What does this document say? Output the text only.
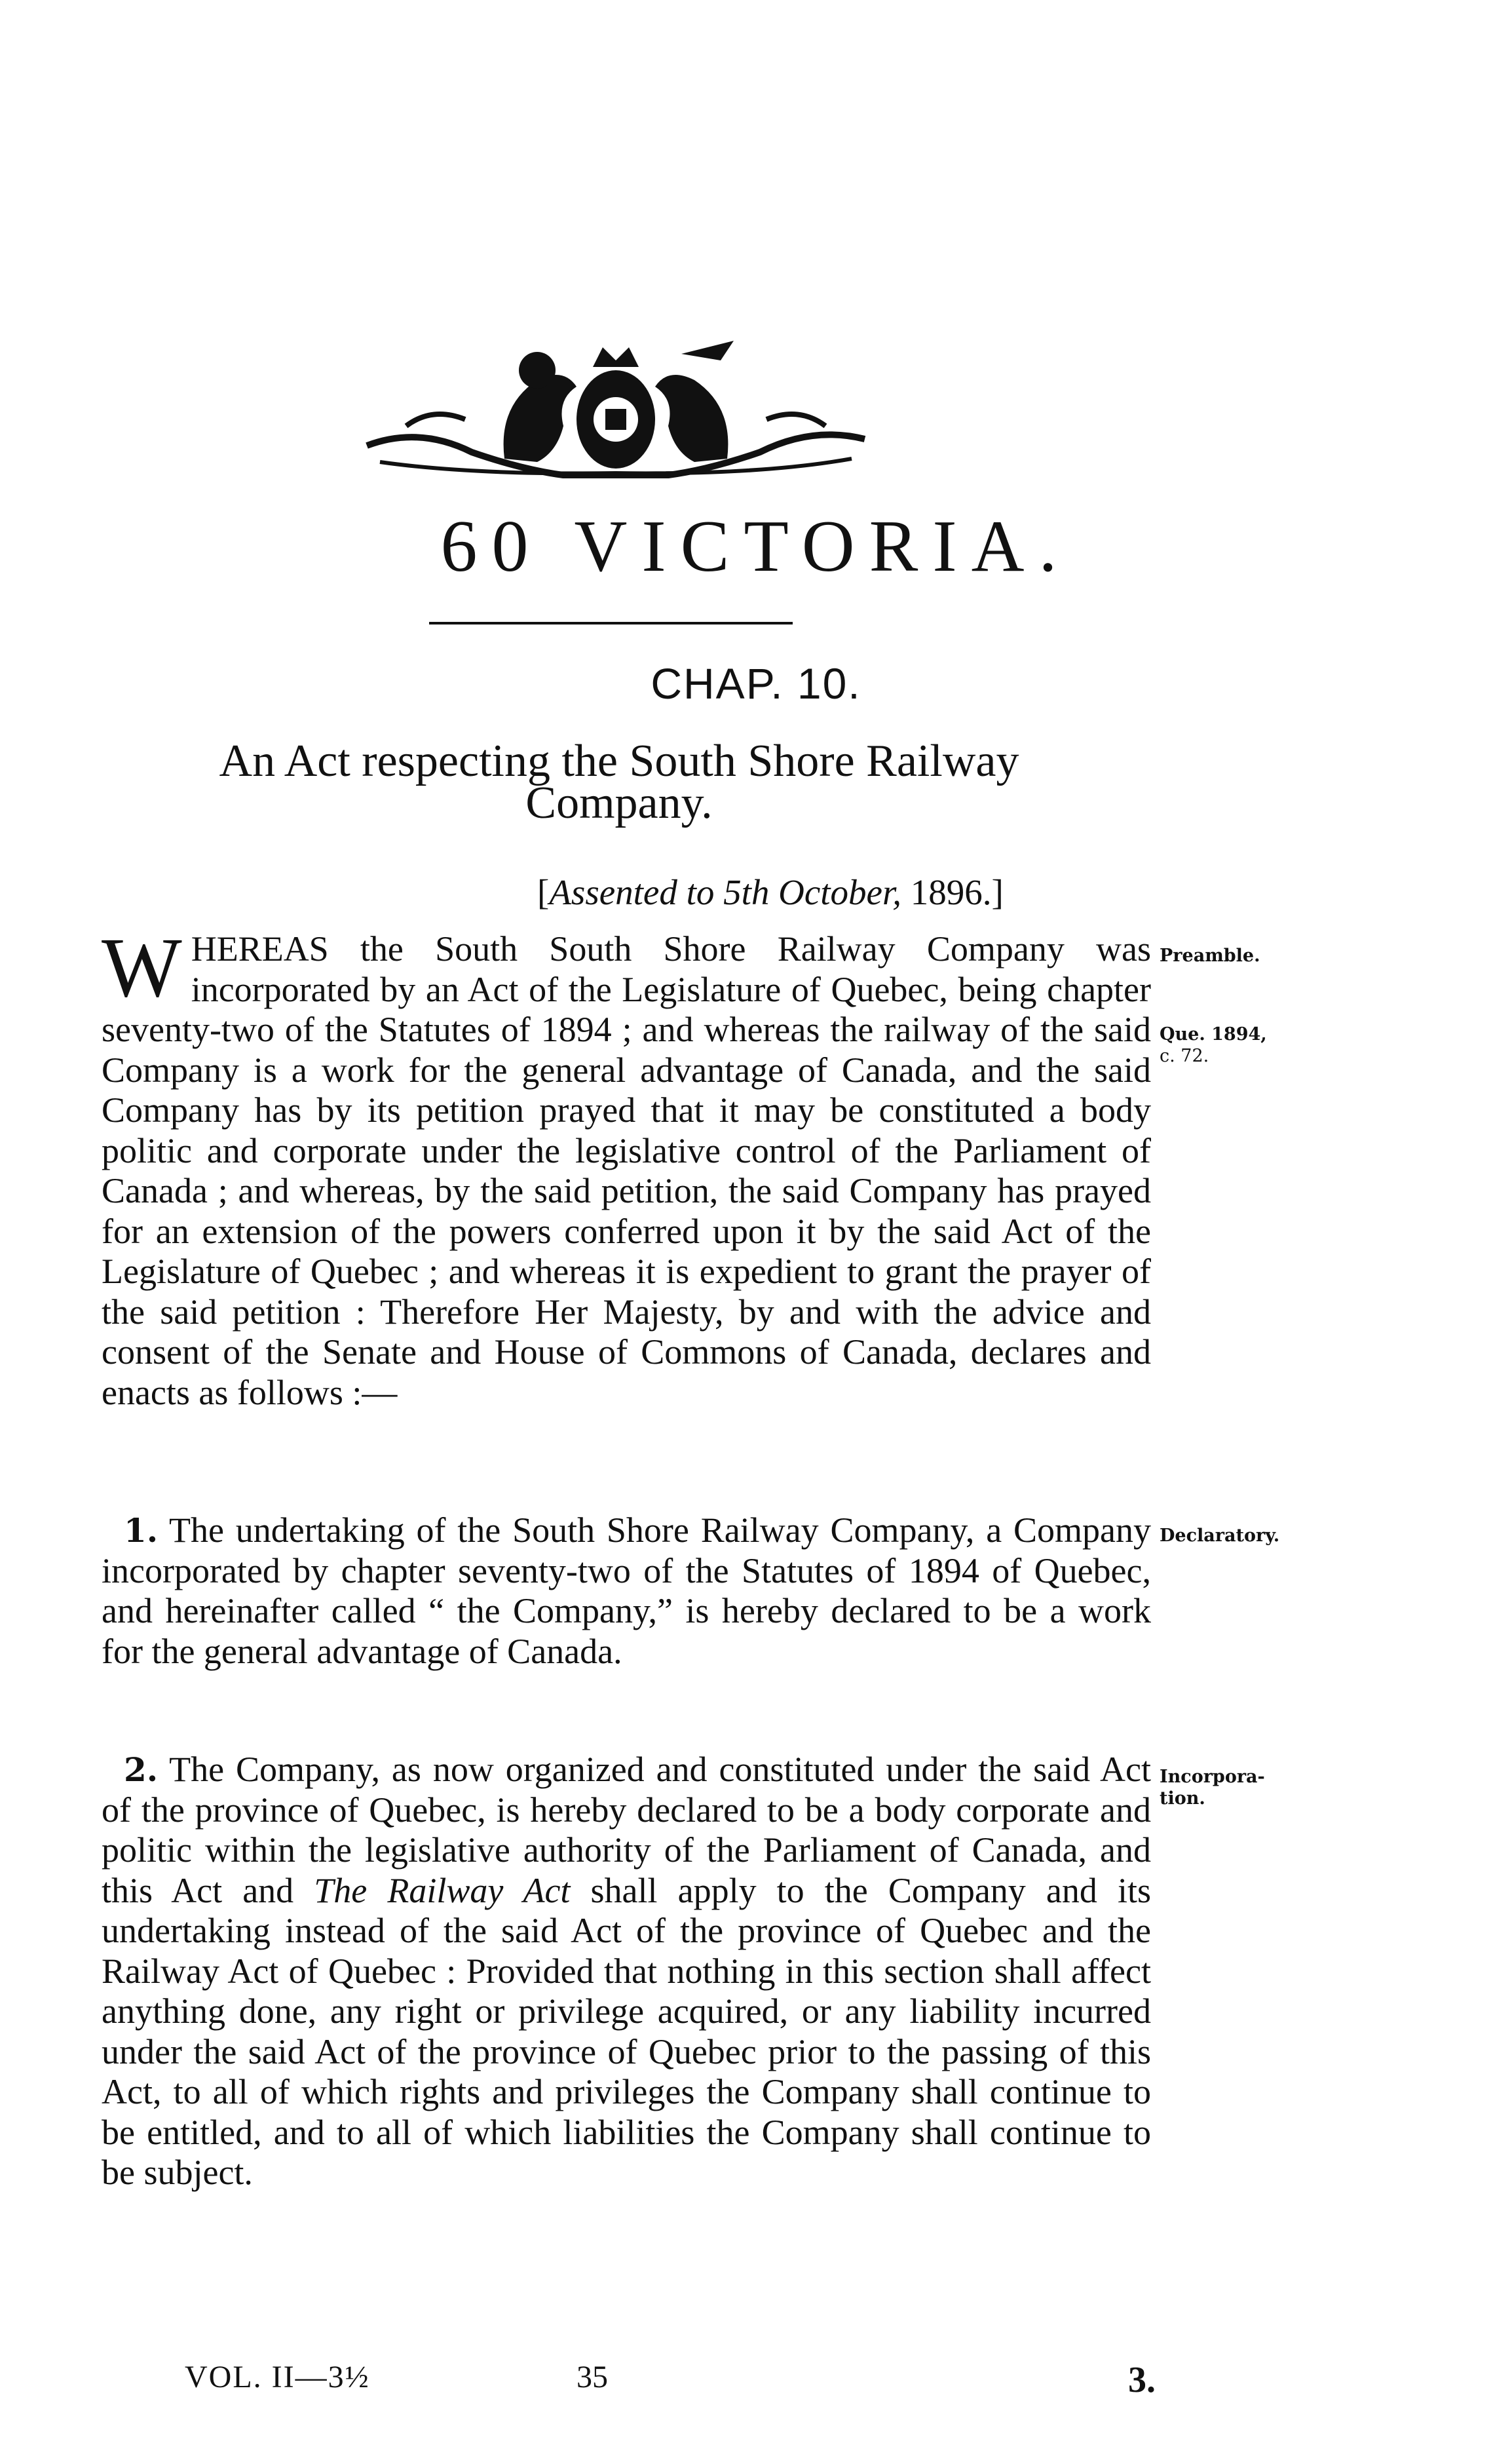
60 VICTORIA.
CHAP. 10.
An Act respecting the South Shore Railway Company.
[Assented to 5th October, 1896.]
WHEREAS the South South Shore Railway Company was incorporated by an Act of the Legislature of Quebec, being chapter seventy-two of the Statutes of 1894 ; and whereas the railway of the said Company is a work for the general advantage of Canada, and the said Company has by its petition prayed that it may be constituted a body politic and corporate under the legislative control of the Parliament of Canada ; and whereas, by the said petition, the said Company has prayed for an extension of the powers conferred upon it by the said Act of the Legislature of Quebec ; and whereas it is expedient to grant the prayer of the said petition : Therefore Her Majesty, by and with the advice and consent of the Senate and House of Commons of Canada, declares and enacts as follows :—
Preamble.
Que. 1894,
c. 72.
1. The undertaking of the South Shore Railway Company, a Company incorporated by chapter seventy-two of the Statutes of 1894 of Quebec, and hereinafter called “ the Company,” is hereby declared to be a work for the general advantage of Canada.
Declaratory.
2. The Company, as now organized and constituted under the said Act of the province of Quebec, is hereby declared to be a body corporate and politic within the legislative authority of the Parliament of Canada, and this Act and The Railway Act shall apply to the Company and its undertaking instead of the said Act of the province of Quebec and the Railway Act of Quebec : Provided that nothing in this section shall affect anything done, any right or privilege acquired, or any liability incurred under the said Act of the province of Quebec prior to the passing of this Act, to all of which rights and privileges the Company shall continue to be entitled, and to all of which liabilities the Company shall continue to be subject.
Incorpora-
tion.
VOL. II—3½	35	3.
